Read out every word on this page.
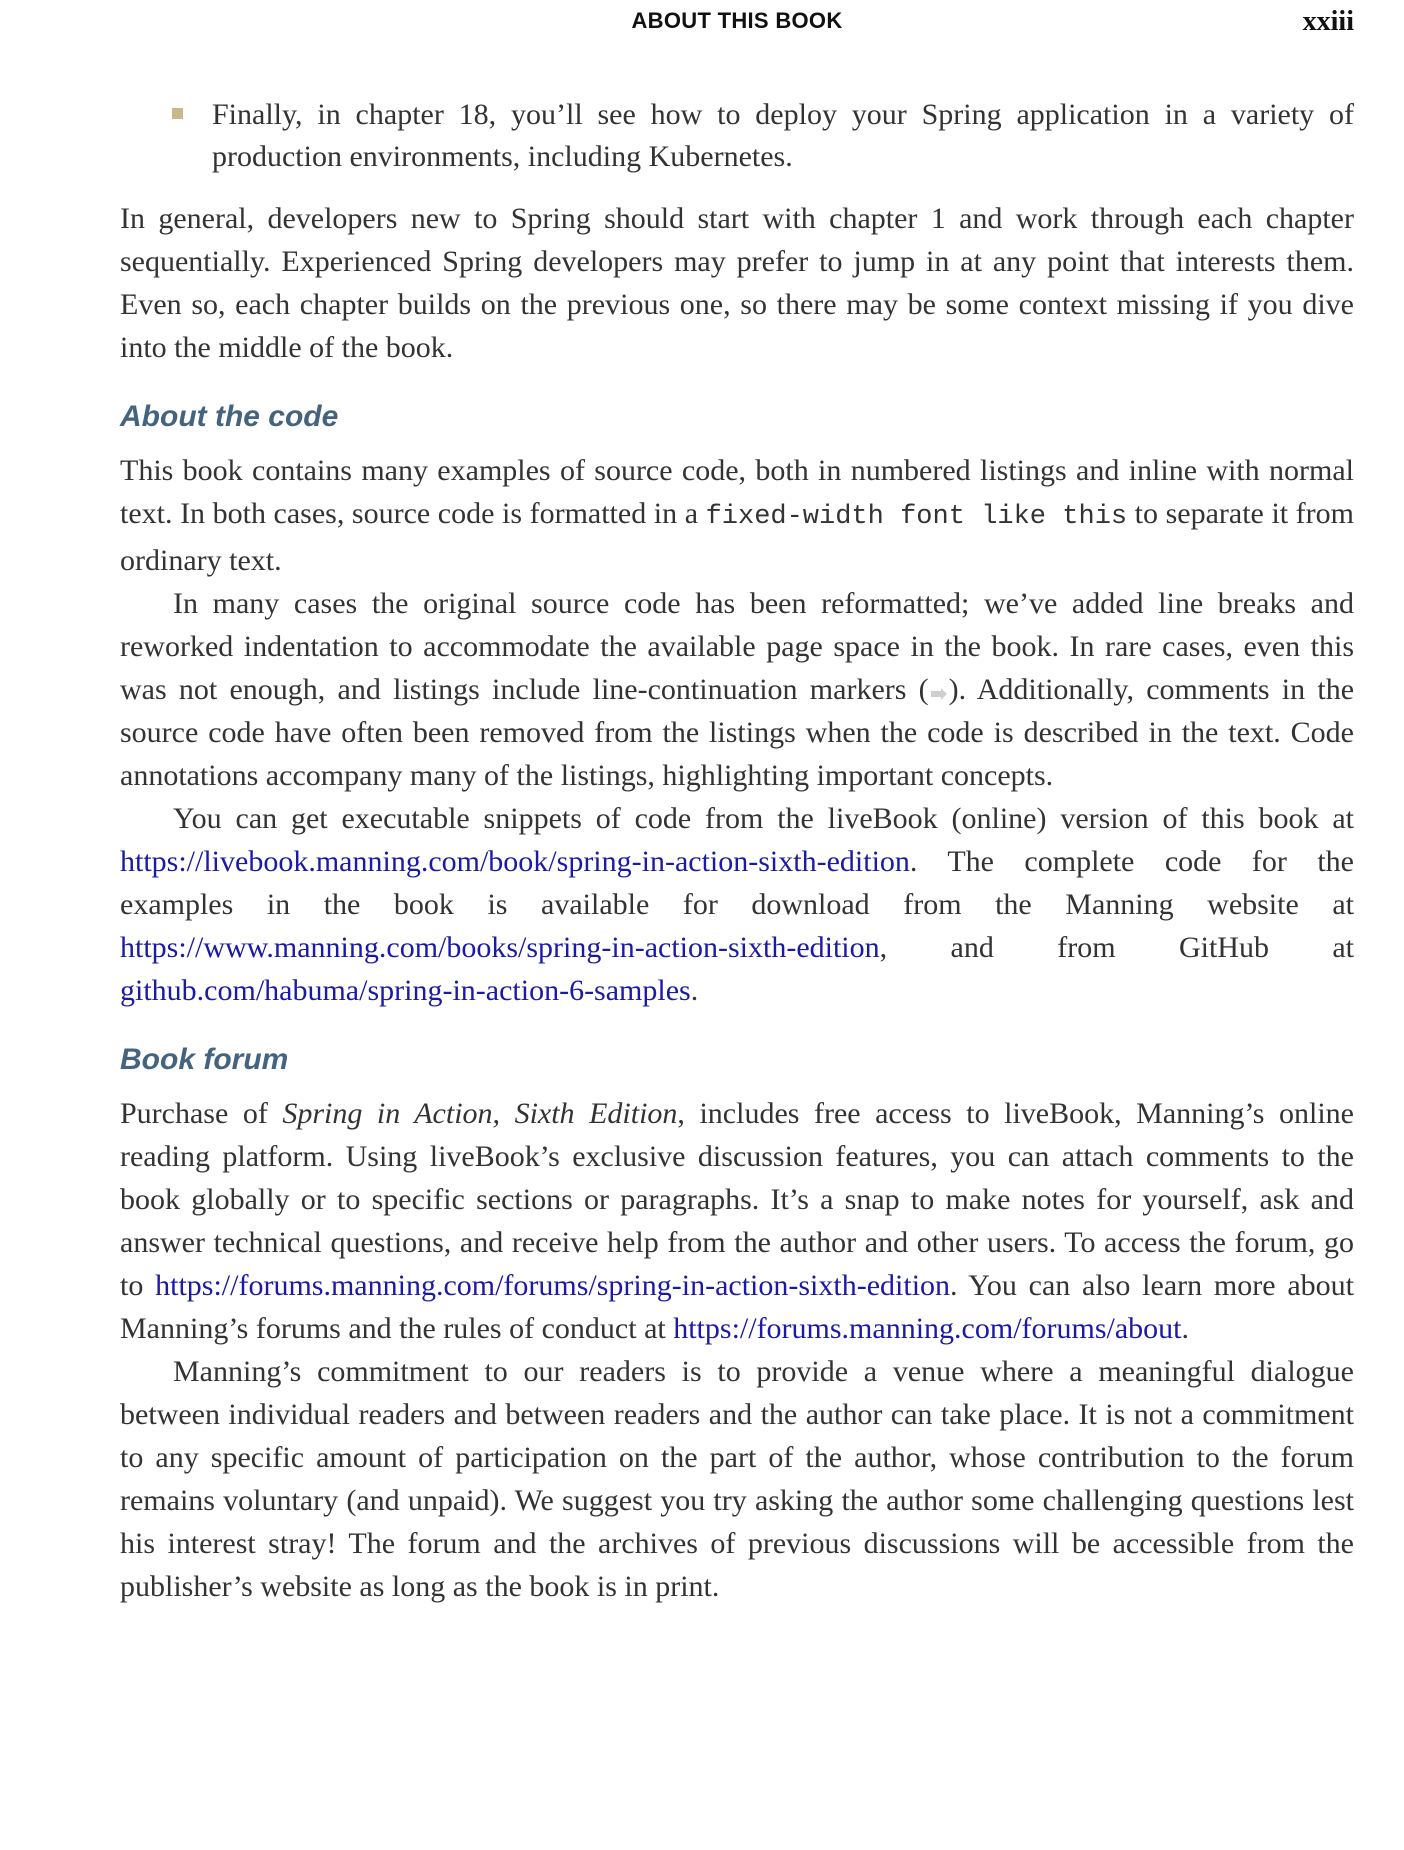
ABOUT THIS BOOK	xxiii
Finally, in chapter 18, you’ll see how to deploy your Spring application in a variety of production environments, including Kubernetes.

In general, developers new to Spring should start with chapter 1 and work through each chapter sequentially. Experienced Spring developers may prefer to jump in at any point that interests them. Even so, each chapter builds on the previous one, so there may be some context missing if you dive into the middle of the book.

About the code

This book contains many examples of source code, both in numbered listings and inline with normal text. In both cases, source code is formatted in a fixed-width font like this to separate it from ordinary text.

In many cases the original source code has been reformatted; we’ve added line breaks and reworked indentation to accommodate the available page space in the book. In rare cases, even this was not enough, and listings include line-continuation markers ( ). Additionally, comments in the source code have often been removed from the listings when the code is described in the text. Code annotations accompany many of the listings, highlighting important concepts.

You can get executable snippets of code from the liveBook (online) version of this book at https://livebook.manning.com/book/spring-in-action-sixth-edition. The complete code for the examples in the book is available for download from the Manning website at https://www.manning.com/books/spring-in-action-sixth-edition, and from GitHub at github.com/habuma/spring-in-action-6-samples.

Book forum

Purchase of Spring in Action, Sixth Edition, includes free access to liveBook, Manning’s online reading platform. Using liveBook’s exclusive discussion features, you can attach comments to the book globally or to specific sections or paragraphs. It’s a snap to make notes for yourself, ask and answer technical questions, and receive help from the author and other users. To access the forum, go to https://forums.manning.com/forums/spring-in-action-sixth-edition. You can also learn more about Manning’s forums and the rules of conduct at https://forums.manning.com/forums/about.

Manning’s commitment to our readers is to provide a venue where a meaningful dialogue between individual readers and between readers and the author can take place. It is not a commitment to any specific amount of participation on the part of the author, whose contribution to the forum remains voluntary (and unpaid). We suggest you try asking the author some challenging questions lest his interest stray! The forum and the archives of previous discussions will be accessible from the publisher’s website as long as the book is in print.
